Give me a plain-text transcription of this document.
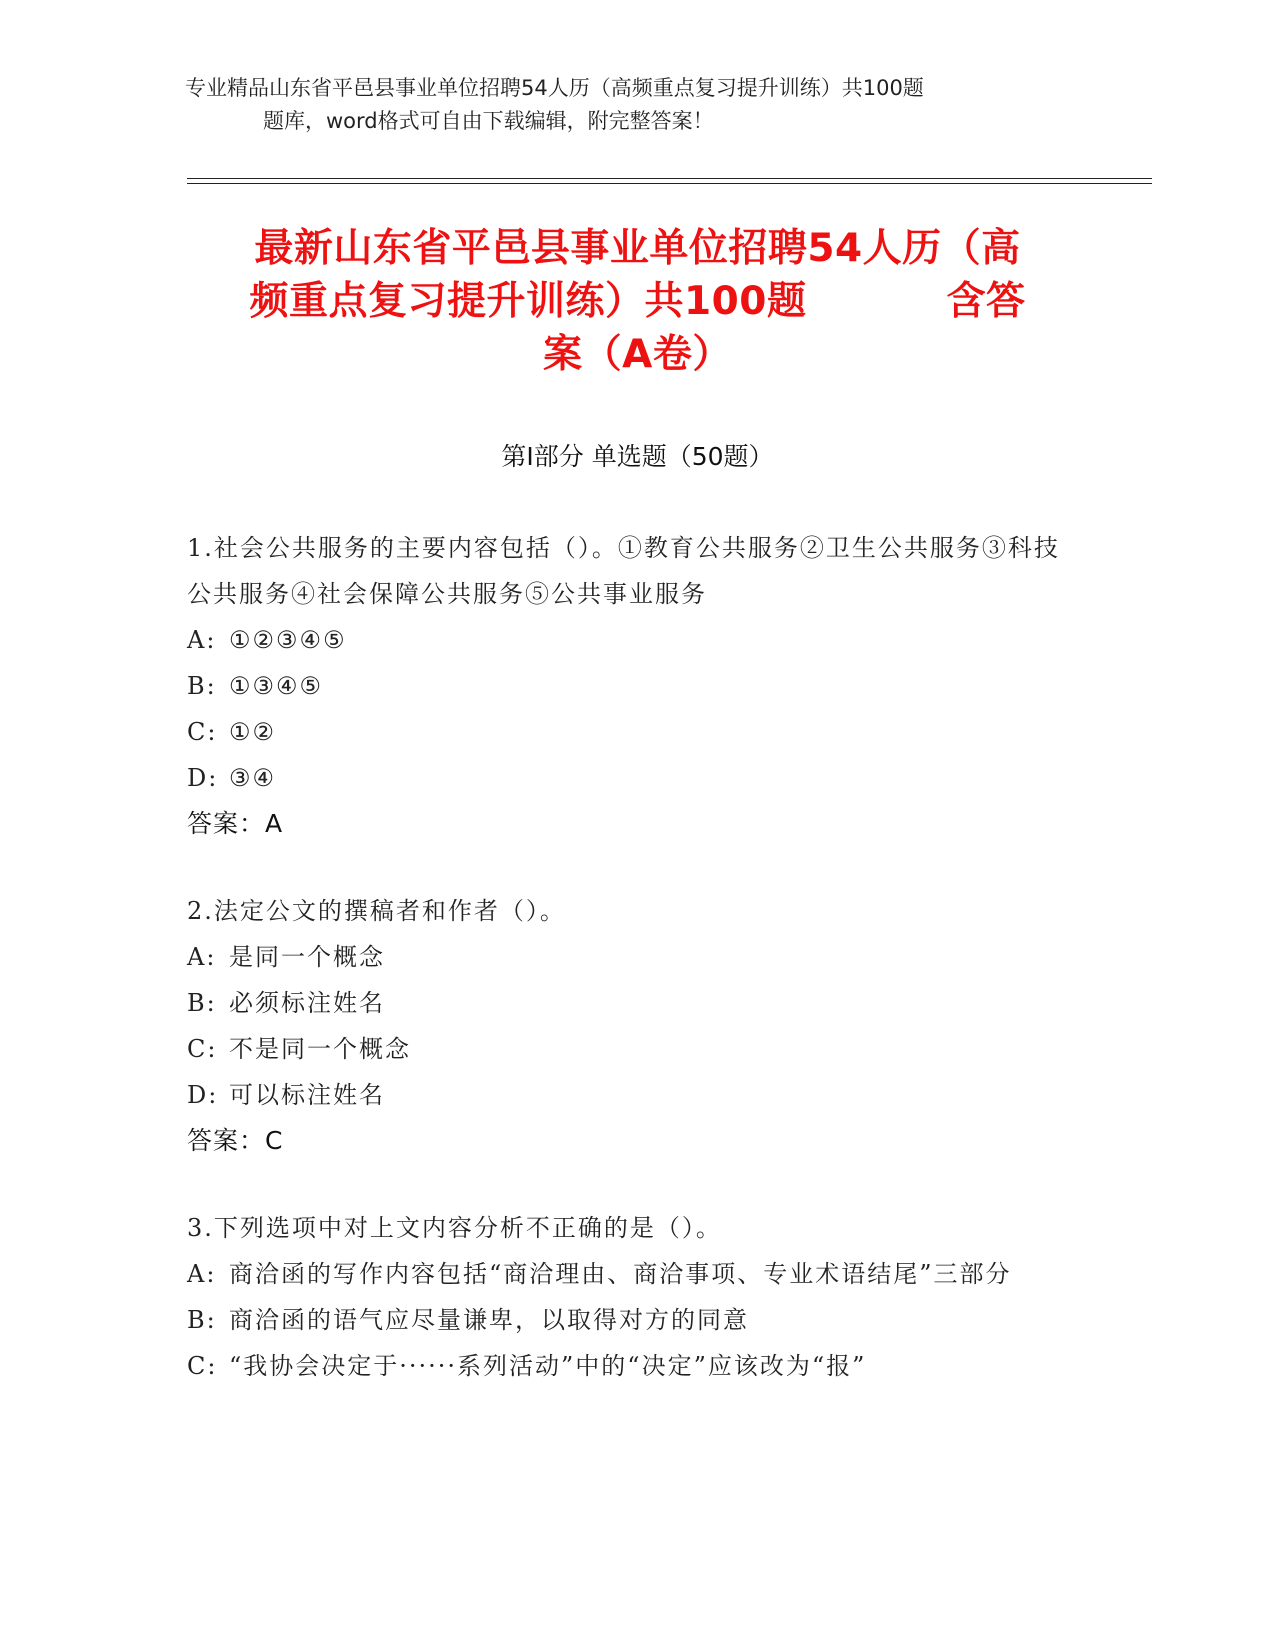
专业精品山东省平邑县事业单位招聘54人历（高频重点复习提升训练）共100题
题库，word格式可自由下载编辑，附完整答案！
最新山东省平邑县事业单位招聘54人历（高
频重点复习提升训练）共100题	含答
案（A卷）
第Ⅰ部分 单选题（50题）
1.社会公共服务的主要内容包括（）。①教育公共服务②卫生公共服务③科技公共服务④社会保障公共服务⑤公共事业服务
A: ①②③④⑤
B: ①③④⑤
C: ①②
D: ③④
答案：A
2.法定公文的撰稿者和作者（）。
A: 是同一个概念
B: 必须标注姓名
C: 不是同一个概念
D: 可以标注姓名
答案：C
3.下列选项中对上文内容分析不正确的是（）。
A: 商洽函的写作内容包括“商洽理由、商洽事项、专业术语结尾”三部分
B: 商洽函的语气应尽量谦卑，以取得对方的同意
C: “我协会决定于······系列活动”中的“决定”应该改为“报”
